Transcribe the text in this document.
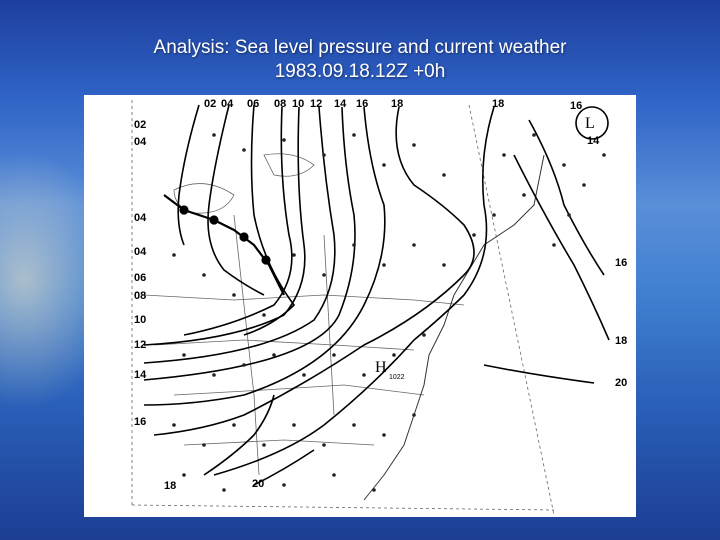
Analysis: Sea level pressure and current weather
1983.09.18.12Z +0h
02 04 06 08 10 12 14 16 18	18	16
02
04
04
04
06
08
10
12
14
16
14
16
18
20
18	20
L
H
1022
